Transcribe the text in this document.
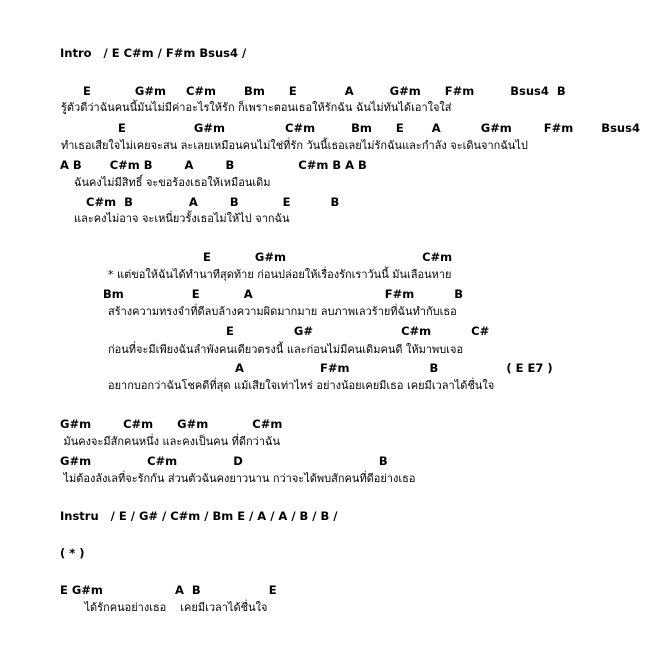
Intro   / E C#m / F#m Bsus4 /
E           G#m     C#m       Bm      E            A         G#m      F#m         Bsus4  B
รู้ตัวดีว่าฉันคนนี้มันไม่มีค่าอะไรให้รัก ก็เพราะตอนเธอให้รักฉัน ฉันไม่ทันได้เอาใจใส่
E                 G#m               C#m         Bm      E       A          G#m        F#m       Bsus4
ทำเธอเสียใจไม่เคยจะสน ละเลยเหมือนคนไม่ใช่ที่รัก วันนี้เธอเลยไม่รักฉันและกำลัง จะเดินจากฉันไป
A B       C#m B        A        B                C#m B A B
ฉันคงไม่มีสิทธิ์ จะขอร้องเธอให้เหมือนเดิม
C#m  B              A        B           E          B
และคงไม่อาจ จะเหนี่ยวรั้งเธอไม่ให้ไป จากฉัน
E           G#m                                  C#m
* แต่ขอให้ฉันได้ทำนาทีสุดท้าย ก่อนปล่อยให้เรื่องรักเราวันนี้ มันเลือนหาย
Bm                 E           A                                 F#m          B
สร้างความทรงจำที่ดีลบล้างความผิดมากมาย ลบภาพเลวร้ายที่ฉันทำกับเธอ
E               G#                      C#m          C#
ก่อนที่จะมีเพียงฉันลำพังคนเดียวตรงนี้ และก่อนไม่มีคนเดิมคนดี ให้มาพบเจอ
A                   F#m                    B                 ( E E7 )
อยากบอกว่าฉันโชคดีที่สุด แม้เสียใจเท่าไหร่ อย่างน้อยเคยมีเธอ เคยมีเวลาได้ชื่นใจ
G#m        C#m      G#m           C#m
มันคงจะมีสักคนหนึ่ง และคงเป็นคน ที่ดีกว่าฉัน
G#m              C#m              D                                  B
ไม่ต้องลังเลที่จะรักกัน ส่วนตัวฉันคงยาวนาน กว่าจะได้พบสักคนที่ดีอย่างเธอ
Instru   / E / G# / C#m / Bm E / A / A / B / B /
( * )
E G#m                  A  B                 E
ได้รักคนอย่างเธอ    เคยมีเวลาได้ชื่นใจ
